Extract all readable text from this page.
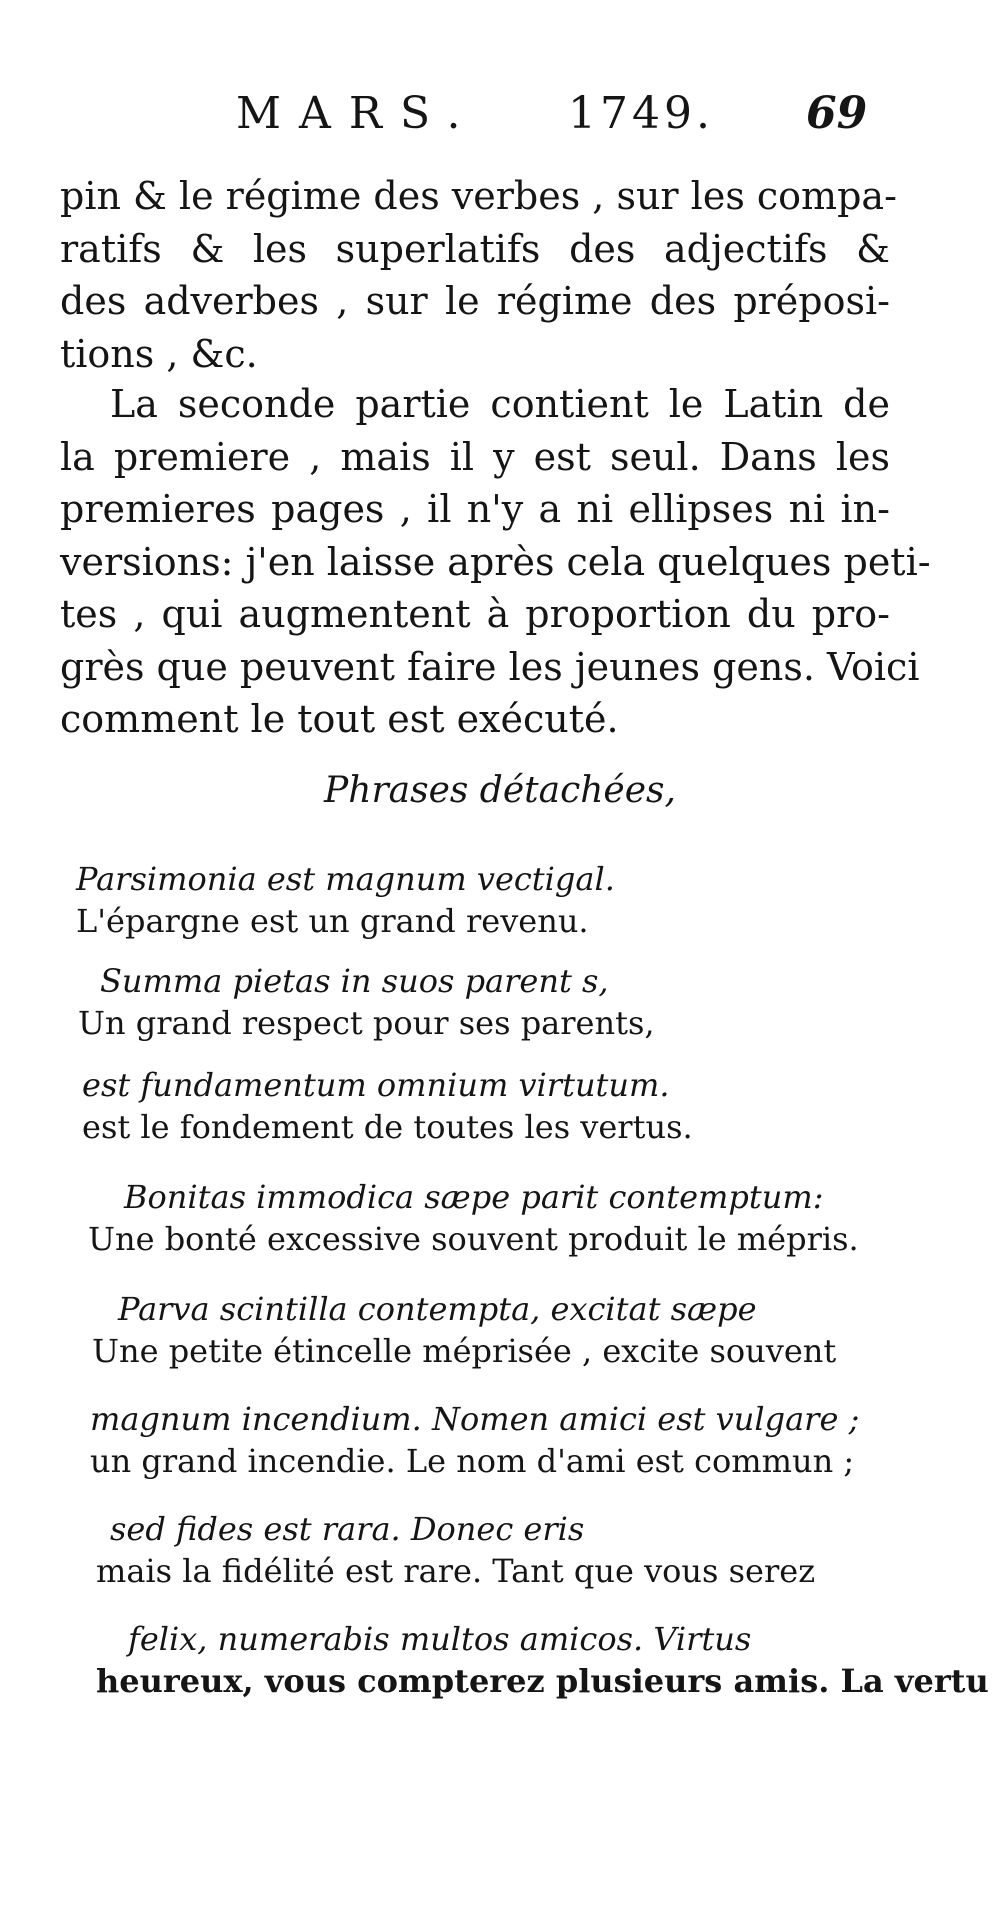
MARS. 1749. 69
pin & le régime des verbes , sur les compa-
ratifs & les superlatifs des adjectifs &
des adverbes , sur le régime des préposi-
tions , &c.
La seconde partie contient le Latin de
la premiere , mais il y est seul. Dans les
premieres pages , il n'y a ni ellipses ni in-
versions: j'en laisse après cela quelques peti-
tes , qui augmentent à proportion du pro-
grès que peuvent faire les jeunes gens. Voici
comment le tout est exécuté.
Phrases détachées,
Parsimonia est magnum vectigal.
L'épargne est un grand revenu.
Summa pietas in suos parent s,
Un grand respect pour ses parents,
est fundamentum omnium virtutum.
est le fondement de toutes les vertus.
Bonitas immodica sæpe parit contemptum:
Une bonté excessive souvent produit le mépris.
Parva scintilla contempta, excitat sæpe
Une petite étincelle méprisée , excite souvent
magnum incendium. Nomen amici est vulgare ;
un grand incendie. Le nom d'ami est commun ;
sed fides est rara. Donec eris
mais la fidélité est rare. Tant que vous serez
felix, numerabis multos amicos. Virtus
heureux, vous compterez plusieurs amis. La vertu
